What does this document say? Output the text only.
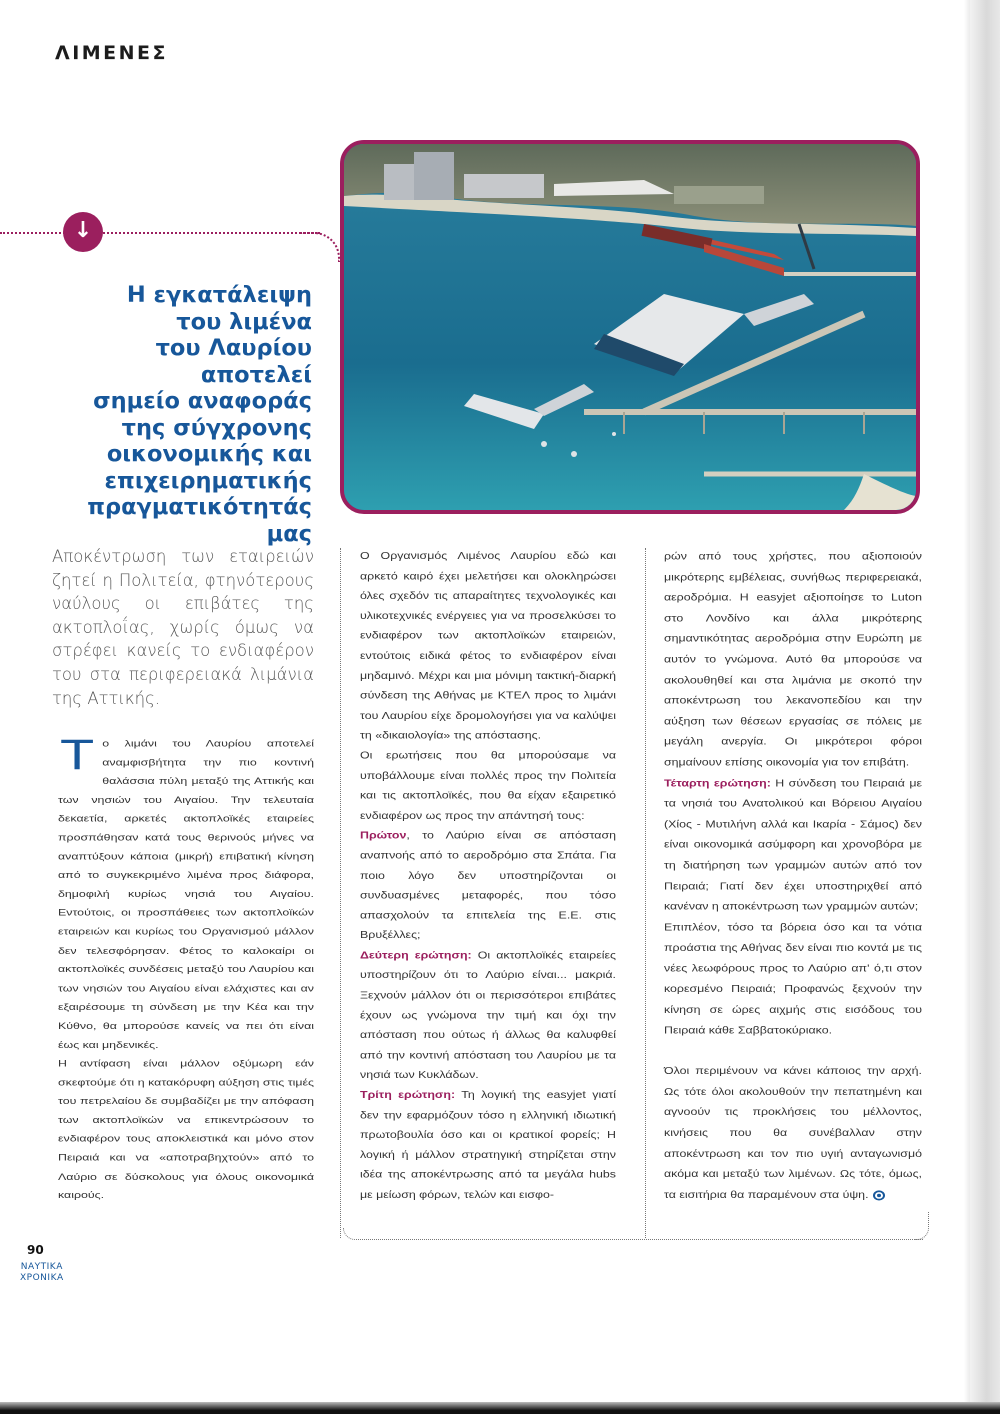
ΛΙΜΕΝΕΣ
↓
Η εγκατάλειψη
του λιμένα
του Λαυρίου αποτελεί
σημείο αναφοράς
της σύγχρονης
οικονομικής και
επιχειρηματικής
πραγματικότητάς μας
Αποκέντρωση των εταιρειών ζητεί η Πολιτεία, φτηνότερους ναύλους οι επιβάτες της ακτοπλοΐας, χωρίς όμως να στρέφει κανείς το ενδιαφέρον του στα περιφερειακά λιμάνια της Αττικής.

Το λιμάνι του Λαυρίου αποτελεί αναμφισβήτητα την πιο κοντινή θαλάσσια πύλη μεταξύ της Αττικής και των νησιών του Αιγαίου. Την τελευταία δεκαετία, αρκετές ακτοπλοϊκές εταιρείες προσπάθησαν κατά τους θερινούς μήνες να αναπτύξουν κάποια (μικρή) επιβατική κίνηση από το συγκεκριμένο λιμένα προς διάφορα, δημοφιλή κυρίως νησιά του Αιγαίου. Εντούτοις, οι προσπάθειες των ακτοπλοϊκών εταιρειών και κυρίως του Οργανισμού μάλλον δεν τελεσφόρησαν. Φέτος το καλοκαίρι οι ακτοπλοϊκές συνδέσεις μεταξύ του Λαυρίου και των νησιών του Αιγαίου είναι ελάχιστες και αν εξαιρέσουμε τη σύνδεση με την Κέα και την Κύθνο, θα μπορούσε κανείς να πει ότι είναι έως και μηδενικές.

Η αντίφαση είναι μάλλον οξύμωρη εάν σκεφτούμε ότι η κατακόρυφη αύξηση στις τιμές του πετρελαίου δε συμβαδίζει με την απόφαση των ακτοπλοϊκών να επικεντρώσουν το ενδιαφέρον τους αποκλειστικά και μόνο στον Πειραιά και να «αποτραβηχτούν» από το Λαύριο σε δύσκολους για όλους οικονομικά καιρούς.

Ο Οργανισμός Λιμένος Λαυρίου εδώ και αρκετό καιρό έχει μελετήσει και ολοκληρώσει όλες σχεδόν τις απαραίτητες τεχνολογικές και υλικοτεχνικές ενέργειες για να προσελκύσει το ενδιαφέρον των ακτοπλοϊκών εταιρειών, εντούτοις ειδικά φέτος το ενδιαφέρον είναι μηδαμινό. Μέχρι και μια μόνιμη τακτική-διαρκή σύνδεση της Αθήνας με ΚΤΕΛ προς το λιμάνι του Λαυρίου είχε δρομολογήσει για να καλύψει τη «δικαιολογία» της απόστασης.

Οι ερωτήσεις που θα μπορούσαμε να υποβάλλουμε είναι πολλές προς την Πολιτεία και τις ακτοπλοϊκές, που θα είχαν εξαιρετικό ενδιαφέρον ως προς την απάντησή τους:

Πρώτον, το Λαύριο είναι σε απόσταση αναπνοής από το αεροδρόμιο στα Σπάτα. Για ποιο λόγο δεν υποστηρίζονται οι συνδυασμένες μεταφορές, που τόσο απασχολούν τα επιτελεία της Ε.Ε. στις Βρυξέλλες;

Δεύτερη ερώτηση: Οι ακτοπλοϊκές εταιρείες υποστηρίζουν ότι το Λαύριο είναι... μακριά. Ξεχνούν μάλλον ότι οι περισσότεροι επιβάτες έχουν ως γνώμονα την τιμή και όχι την απόσταση που ούτως ή άλλως θα καλυφθεί από την κοντινή απόσταση του Λαυρίου με τα νησιά των Κυκλάδων.

Τρίτη ερώτηση: Τη λογική της easyjet γιατί δεν την εφαρμόζουν τόσο η ελληνική ιδιωτική πρωτοβουλία όσο και οι κρατικοί φορείς; Η λογική ή μάλλον στρατηγική στηρίζεται στην ιδέα της αποκέντρωσης από τα μεγάλα hubs με μείωση φόρων, τελών και εισφο-

ρών από τους χρήστες, που αξιοποιούν μικρότερης εμβέλειας, συνήθως περιφερειακά, αεροδρόμια. Η easyjet αξιοποίησε το Luton στο Λονδίνο και άλλα μικρότερης σημαντικότητας αεροδρόμια στην Ευρώπη με αυτόν το γνώμονα. Αυτό θα μπορούσε να ακολουθηθεί και στα λιμάνια με σκοπό την αποκέντρωση του λεκανοπεδίου και την αύξηση των θέσεων εργασίας σε πόλεις με μεγάλη ανεργία. Οι μικρότεροι φόροι σημαίνουν επίσης οικονομία για τον επιβάτη.

Τέταρτη ερώτηση: Η σύνδεση του Πειραιά με τα νησιά του Ανατολικού και Βόρειου Αιγαίου (Χίος - Μυτιλήνη αλλά και Ικαρία - Σάμος) δεν είναι οικονομικά ασύμφορη και χρονοβόρα με τη διατήρηση των γραμμών αυτών από τον Πειραιά; Γιατί δεν έχει υποστηριχθεί από κανέναν η αποκέντρωση των γραμμών αυτών;

Επιπλέον, τόσο τα βόρεια όσο και τα νότια προάστια της Αθήνας δεν είναι πιο κοντά με τις νέες λεωφόρους προς το Λαύριο απ' ό,τι στον κορεσμένο Πειραιά; Προφανώς ξεχνούν την κίνηση σε ώρες αιχμής στις εισόδους του Πειραιά κάθε Σαββατοκύριακο.

Όλοι περιμένουν να κάνει κάποιος την αρχή. Ως τότε όλοι ακολουθούν την πεπατημένη και αγνοούν τις προκλήσεις του μέλλοντος, κινήσεις που θα συνέβαλλαν στην αποκέντρωση και τον πιο υγιή ανταγωνισμό ακόμα και μεταξύ των λιμένων. Ως τότε, όμως, τα εισιτήρια θα παραμένουν στα ύψη.

90
ΝΑΥΤΙΚΑ
ΧΡΟΝΙΚΑ
